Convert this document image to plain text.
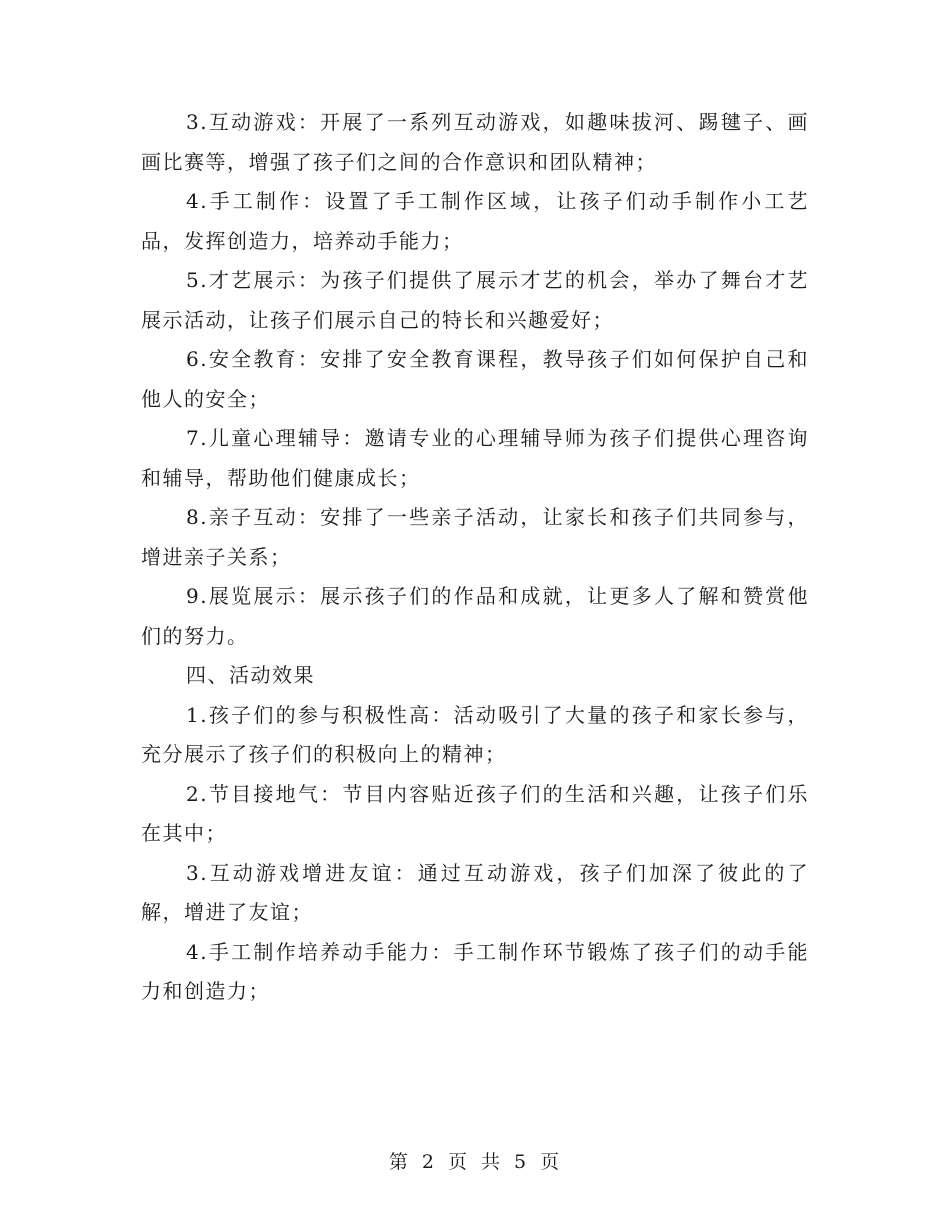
3.互动游戏：开展了一系列互动游戏，如趣味拔河、踢毽子、画画比赛等，增强了孩子们之间的合作意识和团队精神；

4.手工制作：设置了手工制作区域，让孩子们动手制作小工艺品，发挥创造力，培养动手能力；

5.才艺展示：为孩子们提供了展示才艺的机会，举办了舞台才艺展示活动，让孩子们展示自己的特长和兴趣爱好；

6.安全教育：安排了安全教育课程，教导孩子们如何保护自己和他人的安全；

7.儿童心理辅导：邀请专业的心理辅导师为孩子们提供心理咨询和辅导，帮助他们健康成长；

8.亲子互动：安排了一些亲子活动，让家长和孩子们共同参与，增进亲子关系；

9.展览展示：展示孩子们的作品和成就，让更多人了解和赞赏他们的努力。

四、活动效果

1.孩子们的参与积极性高：活动吸引了大量的孩子和家长参与，充分展示了孩子们的积极向上的精神；

2.节目接地气：节目内容贴近孩子们的生活和兴趣，让孩子们乐在其中；

3.互动游戏增进友谊：通过互动游戏，孩子们加深了彼此的了解，增进了友谊；

4.手工制作培养动手能力：手工制作环节锻炼了孩子们的动手能力和创造力；

第 2 页 共 5 页
